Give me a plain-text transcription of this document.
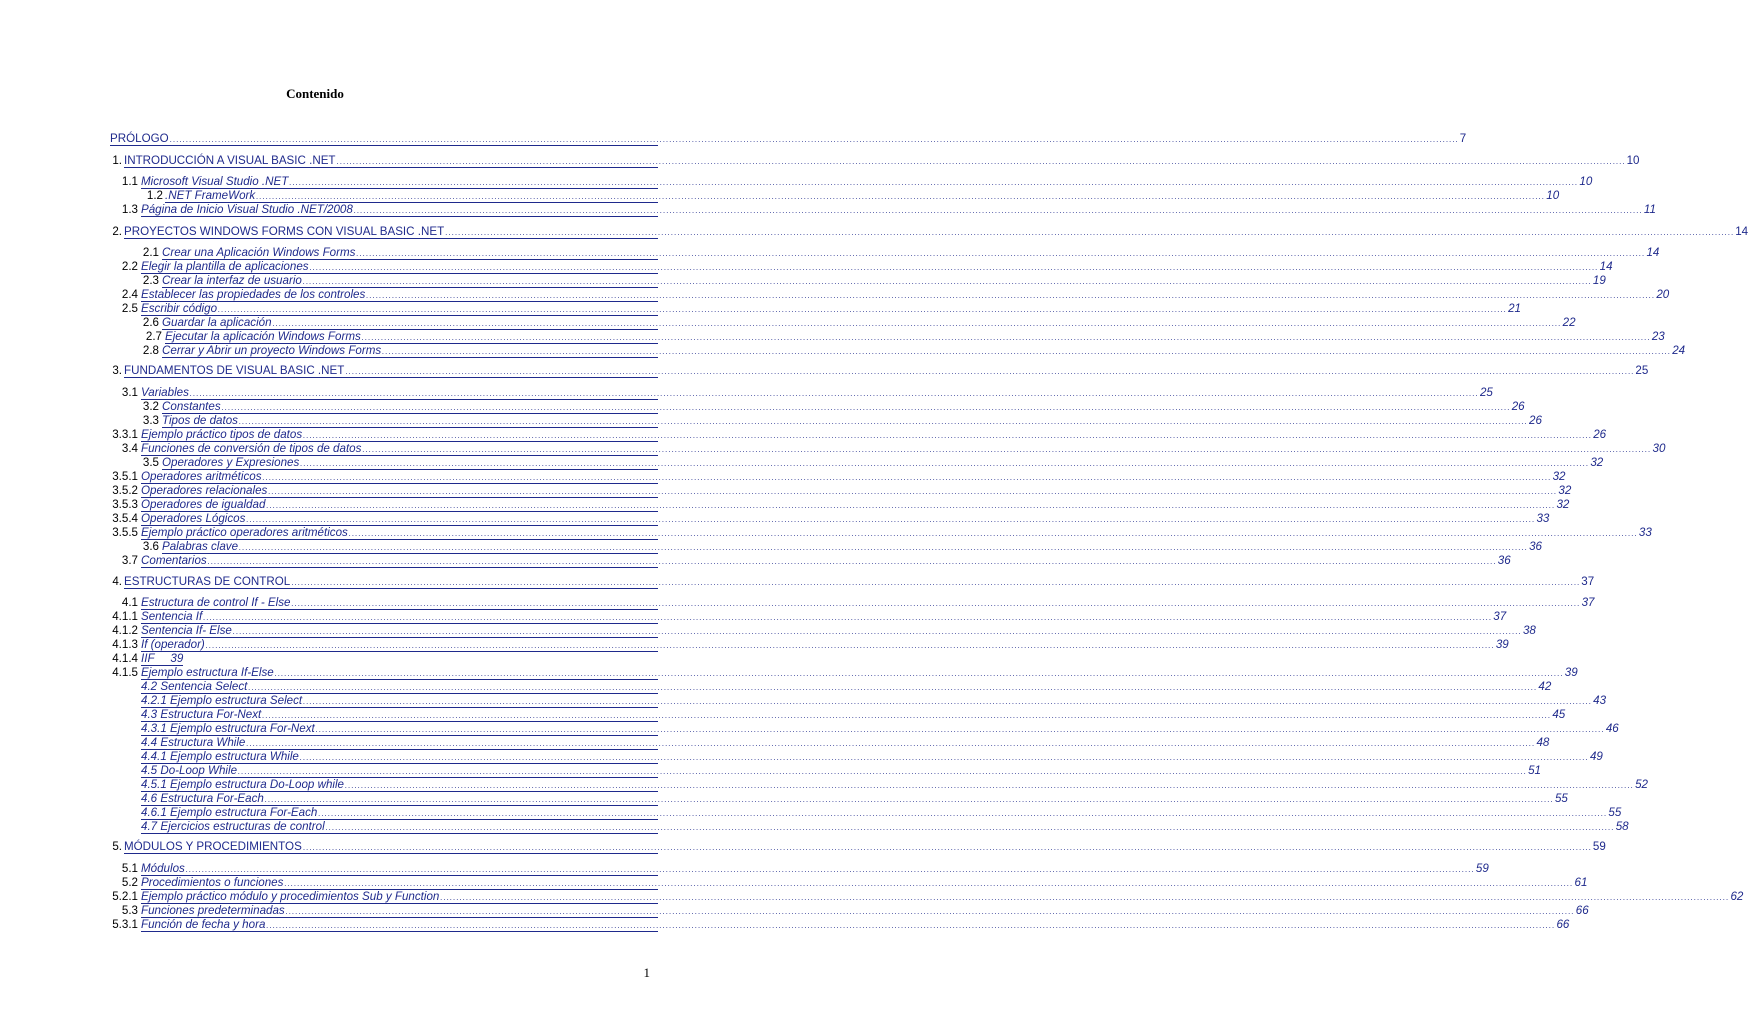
Contenido
PRÓLOGO ................................................................................................................................................................................................................................................................................................................................................................................................................ 7
1. INTRODUCCIÓN A VISUAL BASIC .NET ................................................................................................................................................................................................................................................................................................................................................................................................................ 10
1.1 Microsoft Visual Studio .NET ................................................................................................................................................................................................................................................................................................................................................................................................................ 10
1.2 .NET FrameWork ................................................................................................................................................................................................................................................................................................................................................................................................................ 10
1.3 Página de Inicio Visual Studio .NET/2008 ................................................................................................................................................................................................................................................................................................................................................................................................................ 11
2. PROYECTOS WINDOWS FORMS CON VISUAL BASIC .NET ................................................................................................................................................................................................................................................................................................................................................................................................................ 14
2.1 Crear una Aplicación Windows Forms ................................................................................................................................................................................................................................................................................................................................................................................................................ 14
2.2 Elegir la plantilla de aplicaciones ................................................................................................................................................................................................................................................................................................................................................................................................................ 14
2.3 Crear la interfaz de usuario ................................................................................................................................................................................................................................................................................................................................................................................................................ 19
2.4 Establecer las propiedades de los controles ................................................................................................................................................................................................................................................................................................................................................................................................................ 20
2.5 Escribir código ................................................................................................................................................................................................................................................................................................................................................................................................................ 21
2.6 Guardar la aplicación ................................................................................................................................................................................................................................................................................................................................................................................................................ 22
2.7 Ejecutar la aplicación Windows Forms ................................................................................................................................................................................................................................................................................................................................................................................................................ 23
2.8 Cerrar y Abrir un proyecto Windows Forms ................................................................................................................................................................................................................................................................................................................................................................................................................ 24
3. FUNDAMENTOS DE VISUAL BASIC .NET ................................................................................................................................................................................................................................................................................................................................................................................................................ 25
3.1 Variables ................................................................................................................................................................................................................................................................................................................................................................................................................ 25
3.2 Constantes ................................................................................................................................................................................................................................................................................................................................................................................................................ 26
3.3 Tipos de datos ................................................................................................................................................................................................................................................................................................................................................................................................................ 26
3.3.1 Ejemplo práctico tipos de datos ................................................................................................................................................................................................................................................................................................................................................................................................................ 26
3.4 Funciones de conversión de tipos de datos ................................................................................................................................................................................................................................................................................................................................................................................................................ 30
3.5 Operadores y Expresiones ................................................................................................................................................................................................................................................................................................................................................................................................................ 32
3.5.1 Operadores aritméticos ................................................................................................................................................................................................................................................................................................................................................................................................................ 32
3.5.2 Operadores relacionales ................................................................................................................................................................................................................................................................................................................................................................................................................ 32
3.5.3 Operadores de igualdad ................................................................................................................................................................................................................................................................................................................................................................................................................ 32
3.5.4 Operadores Lógicos ................................................................................................................................................................................................................................................................................................................................................................................................................ 33
3.5.5 Ejemplo práctico operadores aritméticos ................................................................................................................................................................................................................................................................................................................................................................................................................ 33
3.6 Palabras clave ................................................................................................................................................................................................................................................................................................................................................................................................................ 36
3.7 Comentarios ................................................................................................................................................................................................................................................................................................................................................................................................................ 36
4. ESTRUCTURAS DE CONTROL ................................................................................................................................................................................................................................................................................................................................................................................................................ 37
4.1 Estructura de control If - Else ................................................................................................................................................................................................................................................................................................................................................................................................................ 37
4.1.1 Sentencia If ................................................................................................................................................................................................................................................................................................................................................................................................................ 37
4.1.2 Sentencia If- Else ................................................................................................................................................................................................................................................................................................................................................................................................................ 38
4.1.3 If (operador) ................................................................................................................................................................................................................................................................................................................................................................................................................ 39
4.1.4 IIF     39
4.1.5 Ejemplo estructura If-Else ................................................................................................................................................................................................................................................................................................................................................................................................................ 39
4.2 Sentencia Select ................................................................................................................................................................................................................................................................................................................................................................................................................ 42
4.2.1 Ejemplo estructura Select ................................................................................................................................................................................................................................................................................................................................................................................................................ 43
4.3 Estructura For-Next ................................................................................................................................................................................................................................................................................................................................................................................................................ 45
4.3.1 Ejemplo estructura For-Next ................................................................................................................................................................................................................................................................................................................................................................................................................ 46
4.4 Estructura While ................................................................................................................................................................................................................................................................................................................................................................................................................ 48
4.4.1 Ejemplo estructura While ................................................................................................................................................................................................................................................................................................................................................................................................................ 49
4.5 Do-Loop While ................................................................................................................................................................................................................................................................................................................................................................................................................ 51
4.5.1 Ejemplo estructura Do-Loop while ................................................................................................................................................................................................................................................................................................................................................................................................................ 52
4.6 Estructura For-Each ................................................................................................................................................................................................................................................................................................................................................................................................................ 55
4.6.1 Ejemplo estructura For-Each ................................................................................................................................................................................................................................................................................................................................................................................................................ 55
4.7 Ejercicios estructuras de control ................................................................................................................................................................................................................................................................................................................................................................................................................ 58
5. MÓDULOS Y PROCEDIMIENTOS ................................................................................................................................................................................................................................................................................................................................................................................................................ 59
5.1 Módulos ................................................................................................................................................................................................................................................................................................................................................................................................................ 59
5.2 Procedimientos o funciones ................................................................................................................................................................................................................................................................................................................................................................................................................ 61
5.2.1 Ejemplo práctico módulo y procedimientos Sub y Function ................................................................................................................................................................................................................................................................................................................................................................................................................ 62
5.3 Funciones predeterminadas ................................................................................................................................................................................................................................................................................................................................................................................................................ 66
5.3.1 Función de fecha y hora ................................................................................................................................................................................................................................................................................................................................................................................................................ 66
1
